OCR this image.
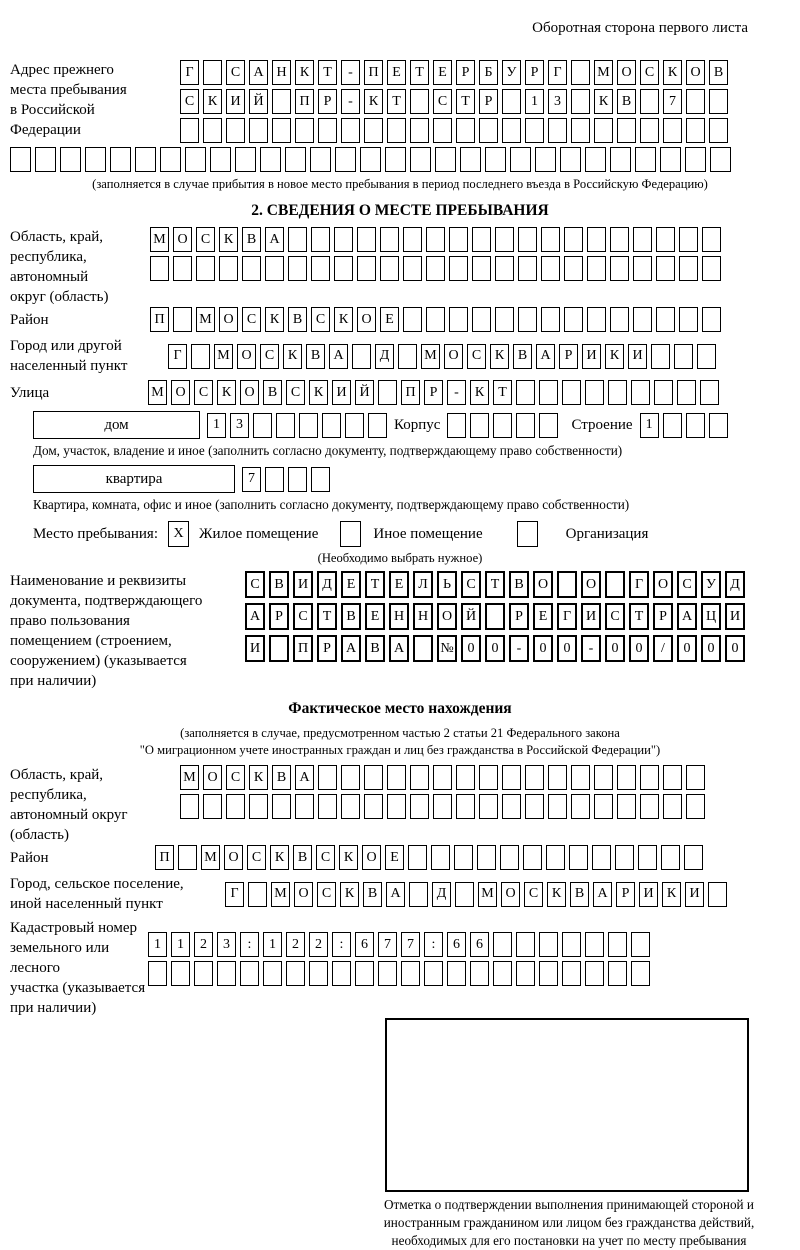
Оборотная сторона первого листа
Адрес прежнего
места пребывания
в Российской
Федерации
Г	С А Н К	Т	-	П Е	Т	Е	Р	Б	У	Р	Г	М О С К О В
С К И Й	П	Р	-	К	Т	С	Т	Р	1	3	К В	7
(заполняется в случае прибытия в новое место пребывания в период последнего въезда в Российскую Федерацию)
2. СВЕДЕНИЯ О МЕСТЕ ПРЕБЫВАНИЯ
Область, край,
республика,
автономный
округ (область)
М О С К В А
Район	П	М О С К В С К О Е
Город или другой
населенный пункт
Г	М О С К В А	Д	М О С К В А	Р	И К И
Улица	М О С К О В С К И Й	П	Р	-	К	Т
дом	1	3	Корпус	Строение 1
Дом, участок, владение и иное (заполнить согласно документу, подтверждающему право собственности)
квартира	7
Квартира, комната, офис и иное (заполнить согласно документу, подтверждающему право собственности)
Место пребывания:	X	Жилое помещение	Иное помещение	Организация
(Необходимо выбрать нужное)
Наименование и реквизиты
документа, подтверждающего
право пользования
помещением (строением,
сооружением) (указывается
при наличии)
С	В	И	Д	Е	Т	Е	Л	Ь	С	Т	В	О	О	Г	О	С	У	Д
А	Р	С	Т	В	Е	Н Н О Й	Р	Е	Г	И	С	Т	Р	А Ц И
И	П	Р	А	В	А	№ 0	0	-	0	0	-	0	0	/	0	0	0
Фактическое место нахождения
(заполняется в случае, предусмотренном частью 2 статьи 21 Федерального закона
"О миграционном учете иностранных граждан и лиц без гражданства в Российской Федерации")
Область, край,
республика,
автономный округ
(область)
М О С К В А
Район	П	М О С К В С К О Е
Город, сельское поселение,
иной населенный пункт
Г	М О С К В А	Д	М О С К В А	Р	И К И
Кадастровый номер
земельного или лесного
участка (указывается
при наличии)
1	1	2	3	:	1	2	2	:	6	7	7	:	6	6
Отметка о подтверждении выполнения принимающей стороной и иностранным гражданином или лицом без гражданства действий, необходимых для его постановки на учет по месту пребывания
